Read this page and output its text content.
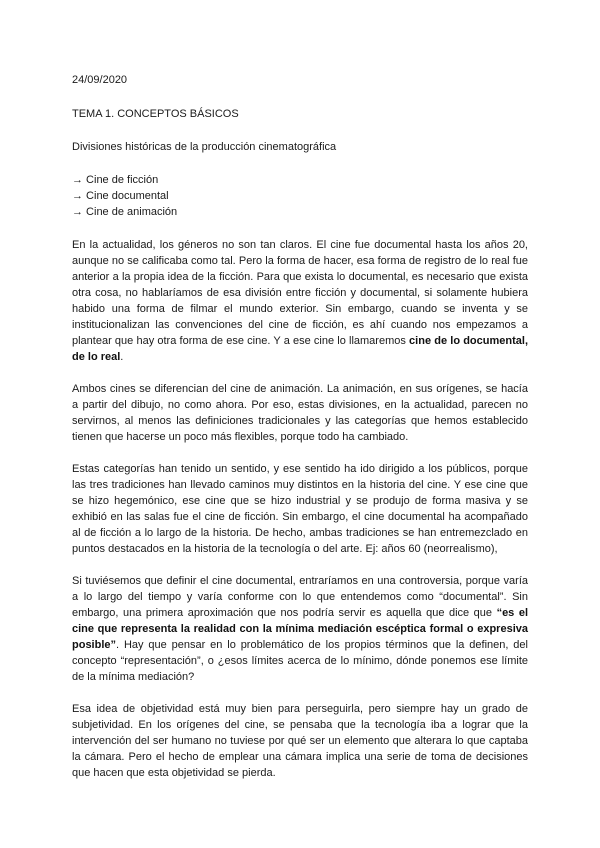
24/09/2020

TEMA 1. CONCEPTOS BÁSICOS

Divisiones históricas de la producción cinematográfica

→ Cine de ficción
→ Cine documental
→ Cine de animación

En la actualidad, los géneros no son tan claros. El cine fue documental hasta los años 20, aunque no se calificaba como tal. Pero la forma de hacer, esa forma de registro de lo real fue anterior a la propia idea de la ficción. Para que exista lo documental, es necesario que exista otra cosa, no hablaríamos de esa división entre ficción y documental, si solamente hubiera habido una forma de filmar el mundo exterior. Sin embargo, cuando se inventa y se institucionalizan las convenciones del cine de ficción, es ahí cuando nos empezamos a plantear que hay otra forma de ese cine. Y a ese cine lo llamaremos cine de lo documental, de lo real.

Ambos cines se diferencian del cine de animación. La animación, en sus orígenes, se hacía a partir del dibujo, no como ahora. Por eso, estas divisiones, en la actualidad, parecen no servirnos, al menos las definiciones tradicionales y las categorías que hemos establecido tienen que hacerse un poco más flexibles, porque todo ha cambiado.

Estas categorías han tenido un sentido, y ese sentido ha ido dirigido a los públicos, porque las tres tradiciones han llevado caminos muy distintos en la historia del cine. Y ese cine que se hizo hegemónico, ese cine que se hizo industrial y se produjo de forma masiva y se exhibió en las salas fue el cine de ficción. Sin embargo, el cine documental ha acompañado al de ficción a lo largo de la historia. De hecho, ambas tradiciones se han entremezclado en puntos destacados en la historia de la tecnología o del arte. Ej: años 60 (neorrealismo),

Si tuviésemos que definir el cine documental, entraríamos en una controversia, porque varía a lo largo del tiempo y varía conforme con lo que entendemos como “documental”. Sin embargo, una primera aproximación que nos podría servir es aquella que dice que “es el cine que representa la realidad con la mínima mediación escéptica formal o expresiva posible”. Hay que pensar en lo problemático de los propios términos que la definen, del concepto “representación”, o ¿esos límites acerca de lo mínimo, dónde ponemos ese límite de la mínima mediación?

Esa idea de objetividad está muy bien para perseguirla, pero siempre hay un grado de subjetividad. En los orígenes del cine, se pensaba que la tecnología iba a lograr que la intervención del ser humano no tuviese por qué ser un elemento que alterara lo que captaba la cámara. Pero el hecho de emplear una cámara implica una serie de toma de decisiones que hacen que esta objetividad se pierda.
